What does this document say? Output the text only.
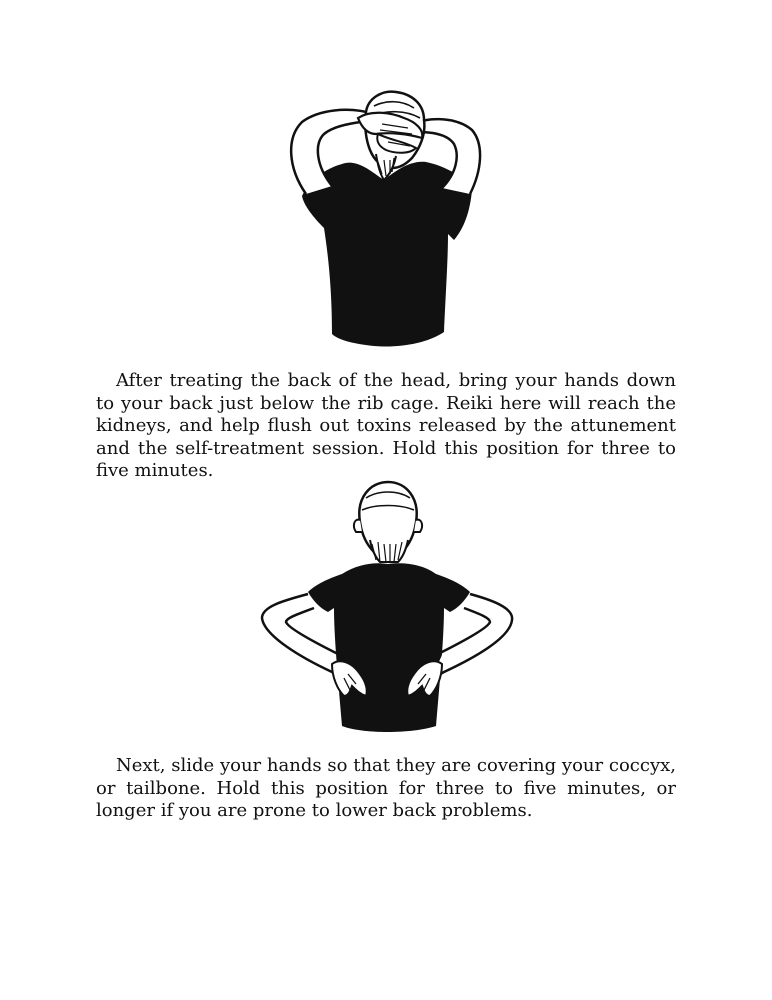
After treating the back of the head, bring your hands down to your back just below the rib cage. Reiki here will reach the kidneys, and help flush out toxins released by the attunement and the self-treatment session. Hold this position for three to five minutes.

Next, slide your hands so that they are covering your coccyx, or tailbone. Hold this position for three to five minutes, or longer if you are prone to lower back problems.
